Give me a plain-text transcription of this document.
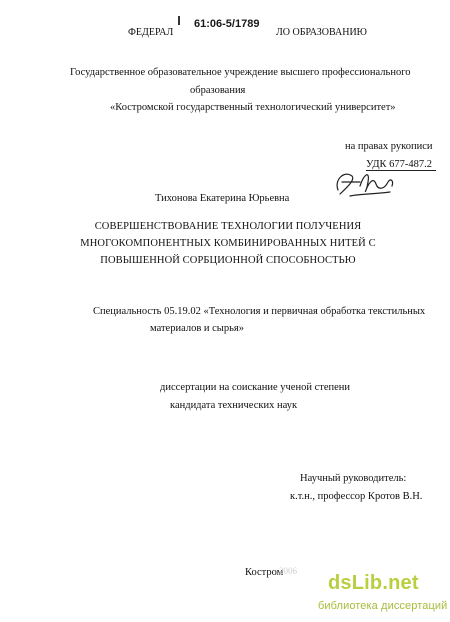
ФЕДЕРАЛ	ЛО ОБРАЗОВАНИЮ
61:06-5/1789
Государственное образовательное учреждение высшего профессионального
образования
«Костромской государственный технологический университет»
на правах рукописи
УДК 677-487.2
Тихонова Екатерина Юрьевна
СОВЕРШЕНСТВОВАНИЕ ТЕХНОЛОГИИ ПОЛУЧЕНИЯ
МНОГОКОМПОНЕНТНЫХ КОМБИНИРОВАННЫХ НИТЕЙ С
ПОВЫШЕННОЙ СОРБЦИОННОЙ СПОСОБНОСТЬЮ
Специальность 05.19.02 «Технология и первичная обработка текстильных
материалов и сырья»
диссертации на соискание ученой степени
кандидата технических наук
Научный руководитель:
к.т.н., профессор Кротов В.Н.
Костром
2006
dsLib.net
библиотека диссертаций
